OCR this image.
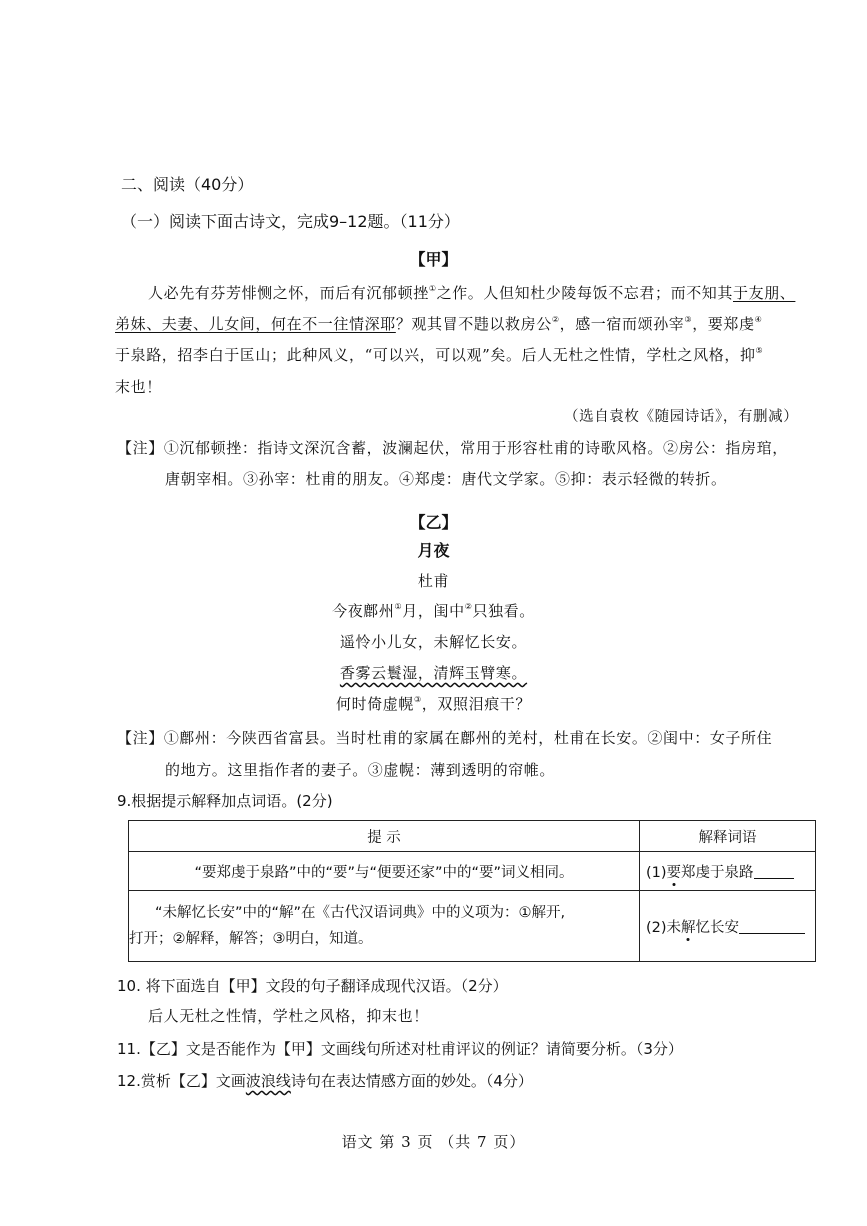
二、阅读（40分）
（一）阅读下面古诗文，完成9–12题。（11分）
【甲】
人必先有芬芳悱恻之怀，而后有沉郁顿挫①之作。人但知杜少陵每饭不忘君；而不知其于友朋、
弟妹、夫妻、儿女间，何在不一往情深耶？观其冒不韪以救房公②，感一宿而颂孙宰③，要郑虔④
于泉路，招李白于匡山；此种风义，“可以兴，可以观”矣。后人无杜之性情，学杜之风格，抑⑤
末也！
（选自袁枚《随园诗话》，有删减）
【注】①沉郁顿挫：指诗文深沉含蓄，波澜起伏，常用于形容杜甫的诗歌风格。②房公：指房琯，
唐朝宰相。③孙宰：杜甫的朋友。④郑虔：唐代文学家。⑤抑：表示轻微的转折。
【乙】
月夜
杜甫
今夜鄜州①月，闺中②只独看。
遥怜小儿女，未解忆长安。
香雾云鬟湿，清辉玉臂寒。
何时倚虚幌③，双照泪痕干？
【注】①鄜州：今陕西省富县。当时杜甫的家属在鄜州的羌村，杜甫在长安。②闺中：女子所住
的地方。这里指作者的妻子。③虚幌：薄到透明的帘帷。
9.根据提示解释加点词语。(2分)
提 示	解释词语
“要郑虔于泉路”中的“要”与“便要还家”中的“要”词义相同。	(1)要郑虔于泉路

“未解忆长安”中的“解”在《古代汉语词典》中的义项为：①解开,
打开；②解释，解答；③明白，知道。	(2)未解忆长安
10. 将下面选自【甲】文段的句子翻译成现代汉语。（2分）
后人无杜之性情，学杜之风格，抑末也！
11.【乙】文是否能作为【甲】文画线句所述对杜甫评议的例证？请简要分析。（3分）
12.赏析【乙】文画波浪线诗句在表达情感方面的妙处。（4分）
语文 第 3 页 （共 7 页）
